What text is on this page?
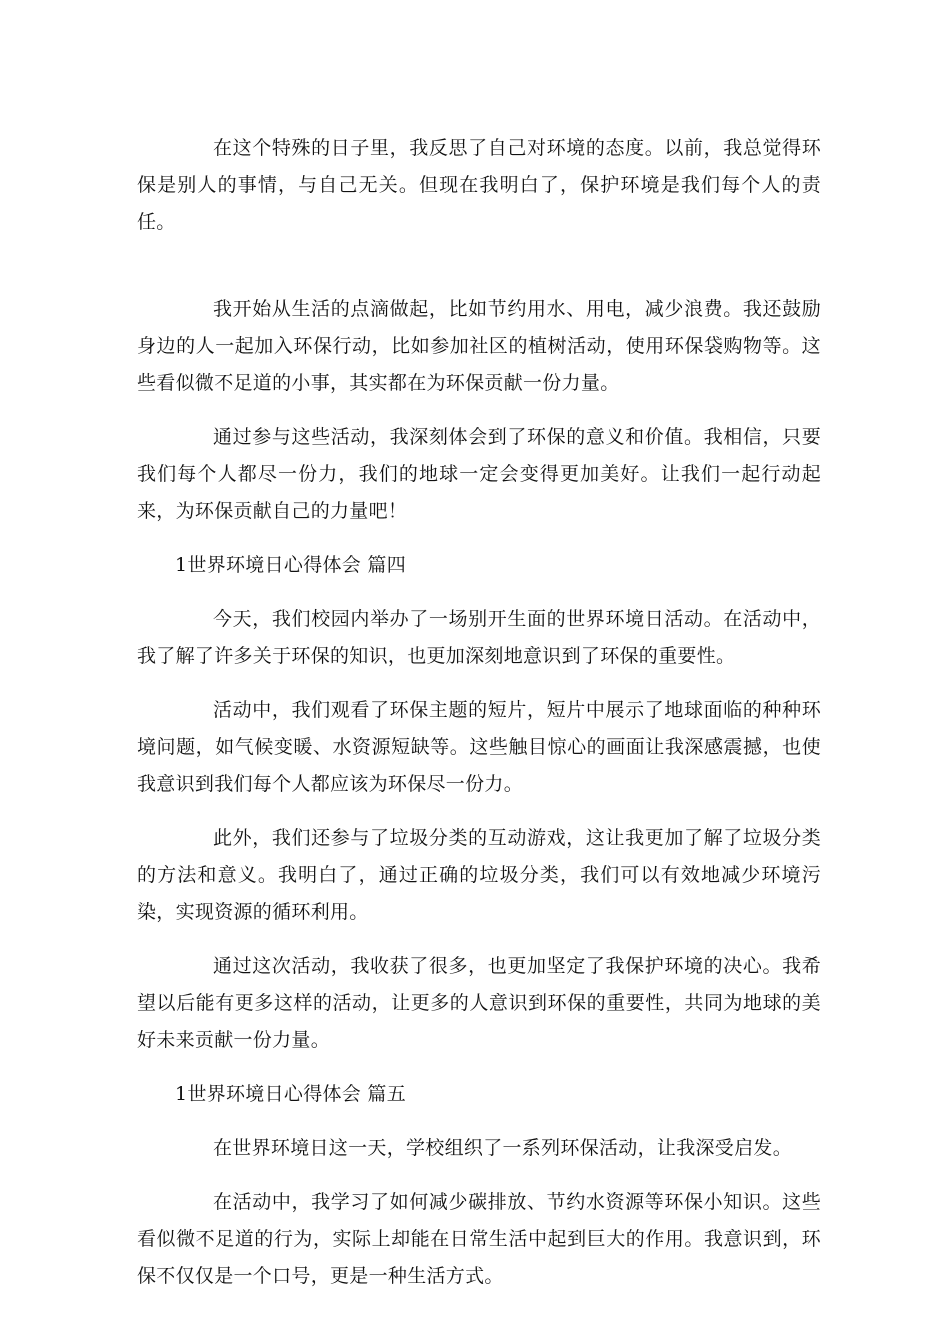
在这个特殊的日子里，我反思了自己对环境的态度。以前，我总觉得环保是别人的事情，与自己无关。但现在我明白了，保护环境是我们每个人的责任。

我开始从生活的点滴做起，比如节约用水、用电，减少浪费。我还鼓励身边的人一起加入环保行动，比如参加社区的植树活动，使用环保袋购物等。这些看似微不足道的小事，其实都在为环保贡献一份力量。

通过参与这些活动，我深刻体会到了环保的意义和价值。我相信，只要我们每个人都尽一份力，我们的地球一定会变得更加美好。让我们一起行动起来，为环保贡献自己的力量吧！

1世界环境日心得体会 篇四

今天，我们校园内举办了一场别开生面的世界环境日活动。在活动中，我了解了许多关于环保的知识，也更加深刻地意识到了环保的重要性。

活动中，我们观看了环保主题的短片，短片中展示了地球面临的种种环境问题，如气候变暖、水资源短缺等。这些触目惊心的画面让我深感震撼，也使我意识到我们每个人都应该为环保尽一份力。

此外，我们还参与了垃圾分类的互动游戏，这让我更加了解了垃圾分类的方法和意义。我明白了，通过正确的垃圾分类，我们可以有效地减少环境污染，实现资源的循环利用。

通过这次活动，我收获了很多，也更加坚定了我保护环境的决心。我希望以后能有更多这样的活动，让更多的人意识到环保的重要性，共同为地球的美好未来贡献一份力量。

1世界环境日心得体会 篇五

在世界环境日这一天，学校组织了一系列环保活动，让我深受启发。

在活动中，我学习了如何减少碳排放、节约水资源等环保小知识。这些看似微不足道的行为，实际上却能在日常生活中起到巨大的作用。我意识到，环保不仅仅是一个口号，更是一种生活方式。
